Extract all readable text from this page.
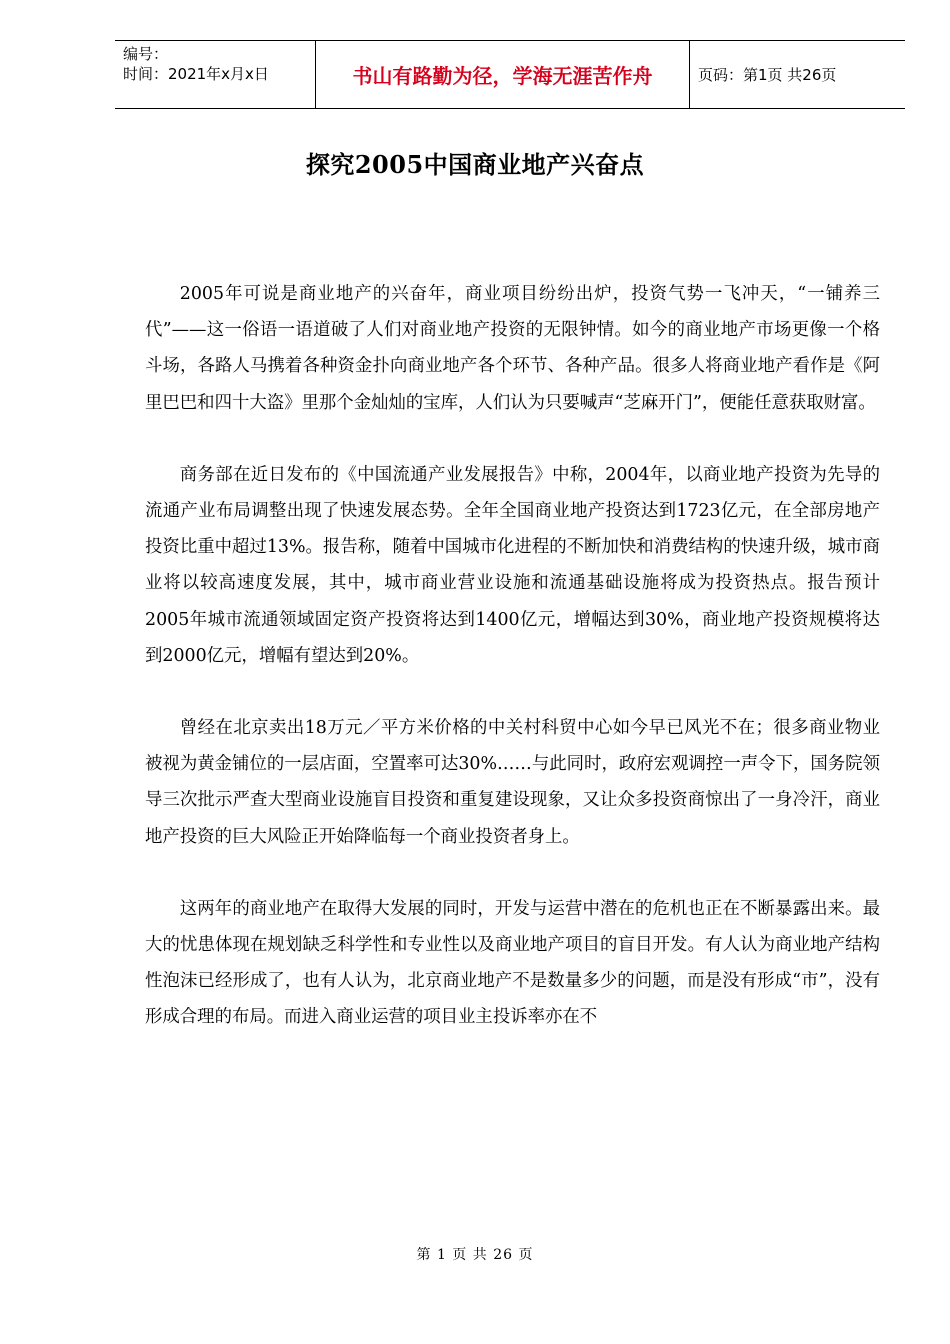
编号：
时间：2021年x月x日	书山有路勤为径，学海无涯苦作舟	页码：第1页 共26页
探究2005中国商业地产兴奋点

2005年可说是商业地产的兴奋年，商业项目纷纷出炉，投资气势一飞冲天，“一铺养三代”——这一俗语一语道破了人们对商业地产投资的无限钟情。如今的商业地产市场更像一个格斗场，各路人马携着各种资金扑向商业地产各个环节、各种产品。很多人将商业地产看作是《阿里巴巴和四十大盗》里那个金灿灿的宝库，人们认为只要喊声“芝麻开门”，便能任意获取财富。

商务部在近日发布的《中国流通产业发展报告》中称，2004年，以商业地产投资为先导的流通产业布局调整出现了快速发展态势。全年全国商业地产投资达到1723亿元，在全部房地产投资比重中超过13%。报告称，随着中国城市化进程的不断加快和消费结构的快速升级，城市商业将以较高速度发展，其中，城市商业营业设施和流通基础设施将成为投资热点。报告预计2005年城市流通领域固定资产投资将达到1400亿元，增幅达到30%，商业地产投资规模将达到2000亿元，增幅有望达到20%。

曾经在北京卖出18万元／平方米价格的中关村科贸中心如今早已风光不在；很多商业物业被视为黄金铺位的一层店面，空置率可达30%……与此同时，政府宏观调控一声令下，国务院领导三次批示严查大型商业设施盲目投资和重复建设现象，又让众多投资商惊出了一身冷汗，商业地产投资的巨大风险正开始降临每一个商业投资者身上。

这两年的商业地产在取得大发展的同时，开发与运营中潜在的危机也正在不断暴露出来。最大的忧患体现在规划缺乏科学性和专业性以及商业地产项目的盲目开发。有人认为商业地产结构性泡沫已经形成了，也有人认为，北京商业地产不是数量多少的问题，而是没有形成“市”，没有形成合理的布局。而进入商业运营的项目业主投诉率亦在不

第 1 页 共 26 页
